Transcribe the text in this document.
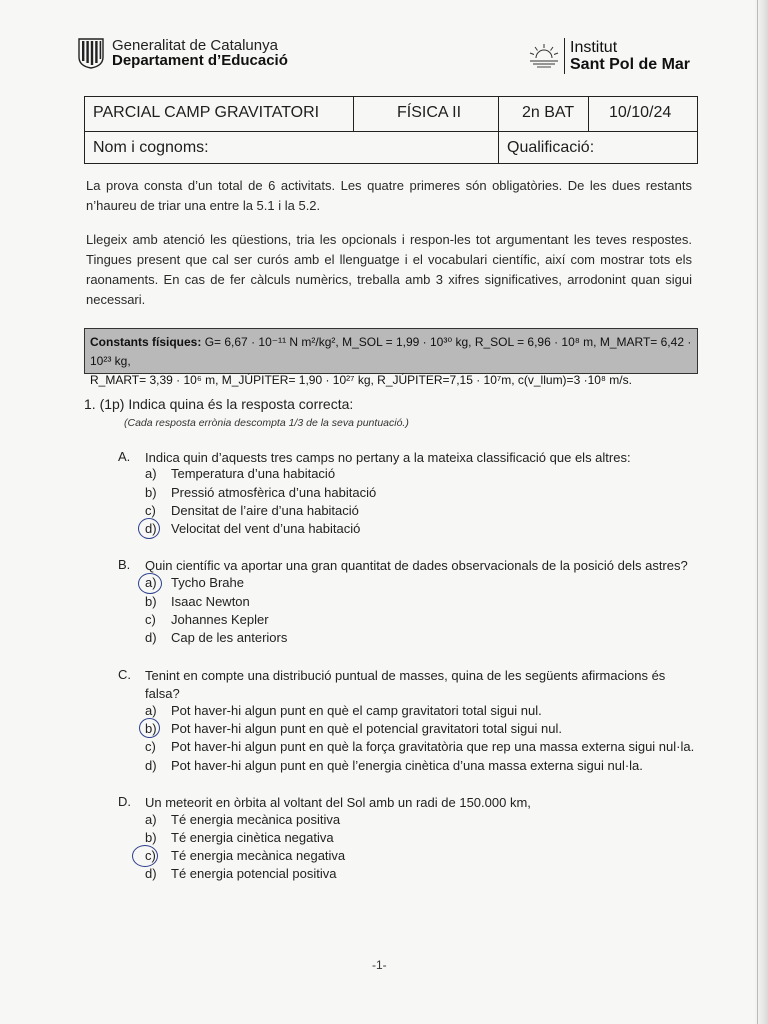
Generalitat de Catalunya
Departament d’Educació
Institut
Sant Pol de Mar
PARCIAL CAMP GRAVITATORI	FÍSICA II	2n BAT 10/10/24
Nom i cognoms:	Qualificació:
La prova consta d’un total de 6 activitats. Les quatre primeres són obligatòries. De les dues restants n’haureu de triar una entre la 5.1 i la 5.2.
Llegeix amb atenció les qüestions, tria les opcionals i respon-les tot argumentant les teves respostes. Tingues present que cal ser curós amb el llenguatge i el vocabulari científic, així com mostrar tots els raonaments. En cas de fer càlculs numèrics, treballa amb 3 xifres significatives, arrodonint quan sigui necessari.
Constants físiques: G= 6,67 · 10⁻¹¹ N m²/kg², M_SOL = 1,99 · 10³⁰ kg, R_SOL = 6,96 · 10⁸ m, M_MART= 6,42 · 10²³ kg,
R_MART= 3,39 · 10⁶ m, M_JÚPITER= 1,90 · 10²⁷ kg, R_JÚPITER=7,15 · 10⁷m, c(v_llum)=3 ·10⁸ m/s.
1. (1p) Indica quina és la resposta correcta:
(Cada resposta errònia descompta 1/3 de la seva puntuació.)
A. Indica quin d’aquests tres camps no pertany a la mateixa classificació que els altres:
a) Temperatura d’una habitació
b) Pressió atmosfèrica d’una habitació
c) Densitat de l’aire d’una habitació
d) Velocitat del vent d’una habitació
B. Quin científic va aportar una gran quantitat de dades observacionals de la posició dels astres?
a) Tycho Brahe
b) Isaac Newton
c) Johannes Kepler
d) Cap de les anteriors
C. Tenint en compte una distribució puntual de masses, quina de les següents afirmacions és
falsa?
a) Pot haver-hi algun punt en què el camp gravitatori total sigui nul.
b) Pot haver-hi algun punt en què el potencial gravitatori total sigui nul.
c) Pot haver-hi algun punt en què la força gravitatòria que rep una massa externa sigui nul·la.
d) Pot haver-hi algun punt en què l’energia cinètica d’una massa externa sigui nul·la.
D. Un meteorit en òrbita al voltant del Sol amb un radi de 150.000 km,
a) Té energia mecànica positiva
b) Té energia cinètica negativa
c) Té energia mecànica negativa
d) Té energia potencial positiva
-1-
